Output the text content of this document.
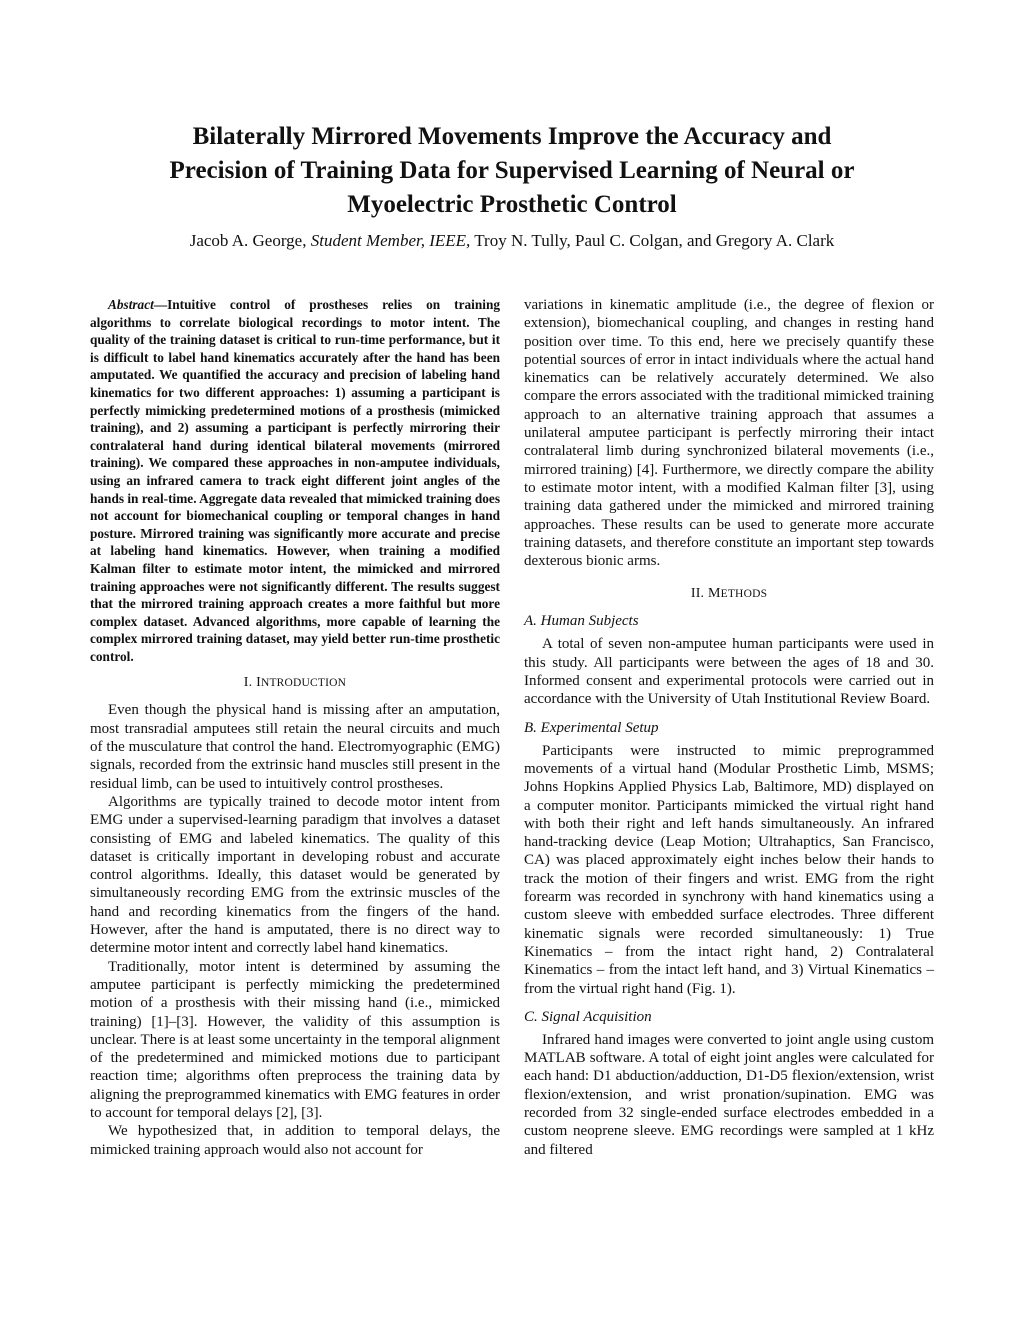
Bilaterally Mirrored Movements Improve the Accuracy and
Precision of Training Data for Supervised Learning of Neural or
Myoelectric Prosthetic Control
Jacob A. George, Student Member, IEEE, Troy N. Tully, Paul C. Colgan, and Gregory A. Clark

Abstract—Intuitive control of prostheses relies on training algorithms to correlate biological recordings to motor intent. The quality of the training dataset is critical to run-time performance, but it is difficult to label hand kinematics accurately after the hand has been amputated. We quantified the accuracy and precision of labeling hand kinematics for two different approaches: 1) assuming a participant is perfectly mimicking predetermined motions of a prosthesis (mimicked training), and 2) assuming a participant is perfectly mirroring their contralateral hand during identical bilateral movements (mirrored training). We compared these approaches in non-amputee individuals, using an infrared camera to track eight different joint angles of the hands in real-time. Aggregate data revealed that mimicked training does not account for biomechanical coupling or temporal changes in hand posture. Mirrored training was significantly more accurate and precise at labeling hand kinematics. However, when training a modified Kalman filter to estimate motor intent, the mimicked and mirrored training approaches were not significantly different. The results suggest that the mirrored training approach creates a more faithful but more complex dataset. Advanced algorithms, more capable of learning the complex mirrored training dataset, may yield better run-time prosthetic control.

I. INTRODUCTION

Even though the physical hand is missing after an amputation, most transradial amputees still retain the neural circuits and much of the musculature that control the hand. Electromyographic (EMG) signals, recorded from the extrinsic hand muscles still present in the residual limb, can be used to intuitively control prostheses.

Algorithms are typically trained to decode motor intent from EMG under a supervised-learning paradigm that involves a dataset consisting of EMG and labeled kinematics. The quality of this dataset is critically important in developing robust and accurate control algorithms. Ideally, this dataset would be generated by simultaneously recording EMG from the extrinsic muscles of the hand and recording kinematics from the fingers of the hand. However, after the hand is amputated, there is no direct way to determine motor intent and correctly label hand kinematics.

Traditionally, motor intent is determined by assuming the amputee participant is perfectly mimicking the predetermined motion of a prosthesis with their missing hand (i.e., mimicked training) [1]–[3]. However, the validity of this assumption is unclear. There is at least some uncertainty in the temporal alignment of the predetermined and mimicked motions due to participant reaction time; algorithms often preprocess the training data by aligning the preprogrammed kinematics with EMG features in order to account for temporal delays [2], [3].

We hypothesized that, in addition to temporal delays, the mimicked training approach would also not account for

variations in kinematic amplitude (i.e., the degree of flexion or extension), biomechanical coupling, and changes in resting hand position over time. To this end, here we precisely quantify these potential sources of error in intact individuals where the actual hand kinematics can be relatively accurately determined. We also compare the errors associated with the traditional mimicked training approach to an alternative training approach that assumes a unilateral amputee participant is perfectly mirroring their intact contralateral limb during synchronized bilateral movements (i.e., mirrored training) [4]. Furthermore, we directly compare the ability to estimate motor intent, with a modified Kalman filter [3], using training data gathered under the mimicked and mirrored training approaches. These results can be used to generate more accurate training datasets, and therefore constitute an important step towards dexterous bionic arms.

II. METHODS
A. Human Subjects

A total of seven non-amputee human participants were used in this study. All participants were between the ages of 18 and 30. Informed consent and experimental protocols were carried out in accordance with the University of Utah Institutional Review Board.

B. Experimental Setup

Participants were instructed to mimic preprogrammed movements of a virtual hand (Modular Prosthetic Limb, MSMS; Johns Hopkins Applied Physics Lab, Baltimore, MD) displayed on a computer monitor. Participants mimicked the virtual right hand with both their right and left hands simultaneously. An infrared hand-tracking device (Leap Motion; Ultrahaptics, San Francisco, CA) was placed approximately eight inches below their hands to track the motion of their fingers and wrist. EMG from the right forearm was recorded in synchrony with hand kinematics using a custom sleeve with embedded surface electrodes. Three different kinematic signals were recorded simultaneously: 1) True Kinematics – from the intact right hand, 2) Contralateral Kinematics – from the intact left hand, and 3) Virtual Kinematics – from the virtual right hand (Fig. 1).

C. Signal Acquisition

Infrared hand images were converted to joint angle using custom MATLAB software. A total of eight joint angles were calculated for each hand: D1 abduction/adduction, D1-D5 flexion/extension, wrist flexion/extension, and wrist pronation/supination. EMG was recorded from 32 single-ended surface electrodes embedded in a custom neoprene sleeve. EMG recordings were sampled at 1 kHz and filtered
